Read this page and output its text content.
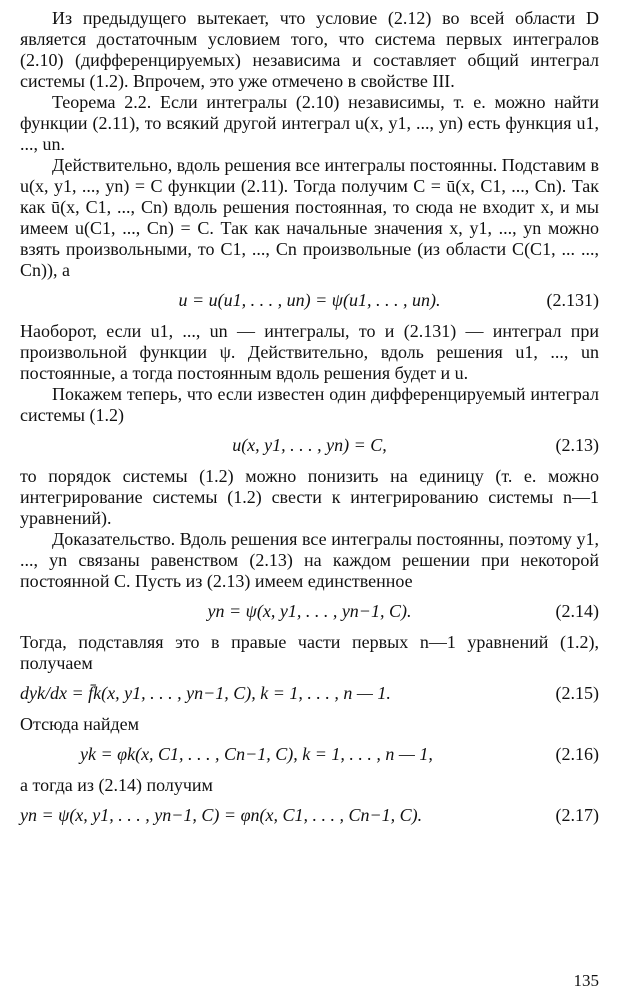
Из предыдущего вытекает, что условие (2.12) во всей области D является достаточным условием того, что система первых интегралов (2.10) (дифференцируемых) независима и составляет общий интеграл системы (1.2). Впрочем, это уже отмечено в свойстве III.

Теорема 2.2. Если интегралы (2.10) независимы, т. е. можно найти функции (2.11), то всякий другой интеграл u(x, y1, ..., yn) есть функция u1, ..., un.

Действительно, вдоль решения все интегралы постоянны. Подставим в u(x, y1, ..., yn) = C функции (2.11). Тогда получим C = ū(x, C1, ..., Cn). Так как ū(x, C1, ..., Cn) вдоль решения постоянная, то сюда не входит x, и мы имеем u(C1, ..., Cn) = C. Так как начальные значения x, y1, ..., yn можно взять произвольными, то C1, ..., Cn произвольные (из области C(C1, ... ..., Cn)), а

u = u(u1, . . . , un) = ψ(u1, . . . , un).	(2.131)

Наоборот, если u1, ..., un — интегралы, то и (2.131) — интеграл при произвольной функции ψ. Действительно, вдоль решения u1, ..., un постоянные, а тогда постоянным вдоль решения будет и u.

Покажем теперь, что если известен один дифференцируемый интеграл системы (1.2)

u(x, y1, . . . , yn) = C,	(2.13)

то порядок системы (1.2) можно понизить на единицу (т. е. можно интегрирование системы (1.2) свести к интегрированию системы n—1 уравнений).

Доказательство. Вдоль решения все интегралы постоянны, поэтому y1, ..., yn связаны равенством (2.13) на каждом решении при некоторой постоянной C. Пусть из (2.13) имеем единственное

yn = ψ(x, y1, . . . , yn−1, C).	(2.14)

Тогда, подставляя это в правые части первых n—1 уравнений (1.2), получаем

dyk/dx = f̄k(x, y1, . . . , yn−1, C), k = 1, . . . , n — 1.	(2.15)

Отсюда найдем

yk = φk(x, C1, . . . , Cn−1, C), k = 1, . . . , n — 1,	(2.16)

а тогда из (2.14) получим

yn = ψ(x, y1, . . . , yn−1, C) = φn(x, C1, . . . , Cn−1, C).	(2.17)
135
